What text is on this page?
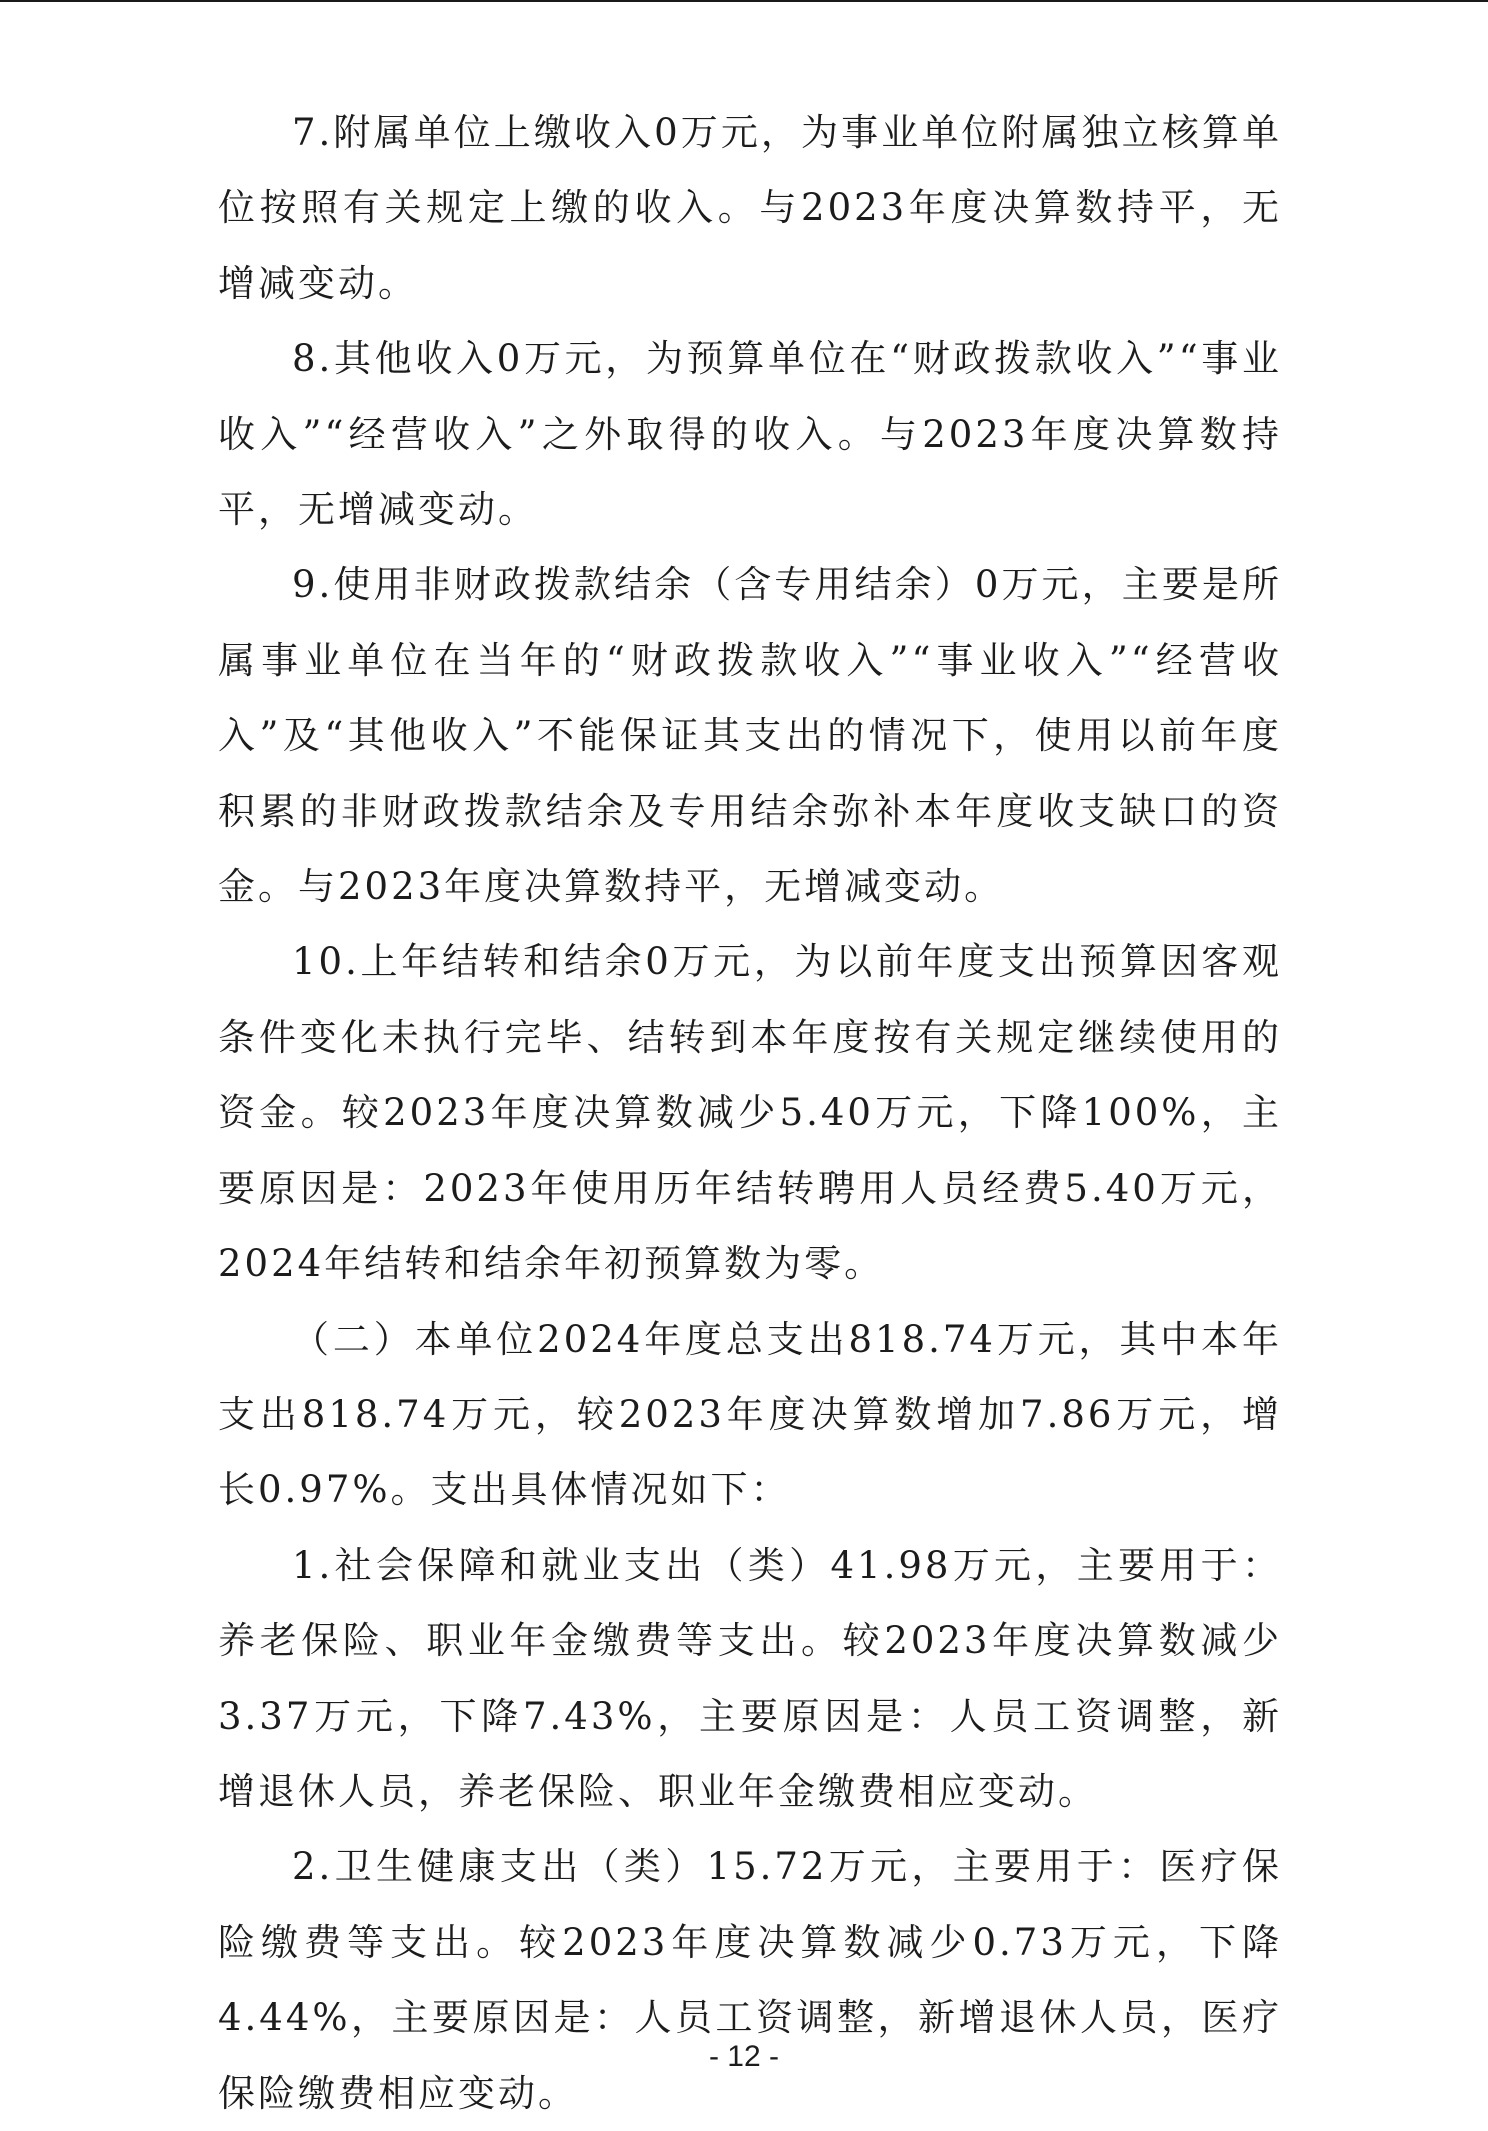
7.附属单位上缴收入0万元，为事业单位附属独立核算单位按照有关规定上缴的收入。与2023年度决算数持平，无增减变动。

8.其他收入0万元，为预算单位在“财政拨款收入”“事业收入”“经营收入”之外取得的收入。与2023年度决算数持平，无增减变动。

9.使用非财政拨款结余（含专用结余）0万元，主要是所属事业单位在当年的“财政拨款收入”“事业收入”“经营收入”及“其他收入”不能保证其支出的情况下，使用以前年度积累的非财政拨款结余及专用结余弥补本年度收支缺口的资金。与2023年度决算数持平，无增减变动。

10.上年结转和结余0万元，为以前年度支出预算因客观条件变化未执行完毕、结转到本年度按有关规定继续使用的资金。较2023年度决算数减少5.40万元，下降100%，主要原因是：2023年使用历年结转聘用人员经费5.40万元，2024年结转和结余年初预算数为零。

（二）本单位2024年度总支出818.74万元，其中本年支出818.74万元，较2023年度决算数增加7.86万元，增长0.97%。支出具体情况如下：

1.社会保障和就业支出（类）41.98万元，主要用于：养老保险、职业年金缴费等支出。较2023年度决算数减少3.37万元，下降7.43%，主要原因是：人员工资调整，新增退休人员，养老保险、职业年金缴费相应变动。

2.卫生健康支出（类）15.72万元，主要用于：医疗保险缴费等支出。较2023年度决算数减少0.73万元，下降4.44%，主要原因是：人员工资调整，新增退休人员，医疗保险缴费相应变动。

- 12 -
